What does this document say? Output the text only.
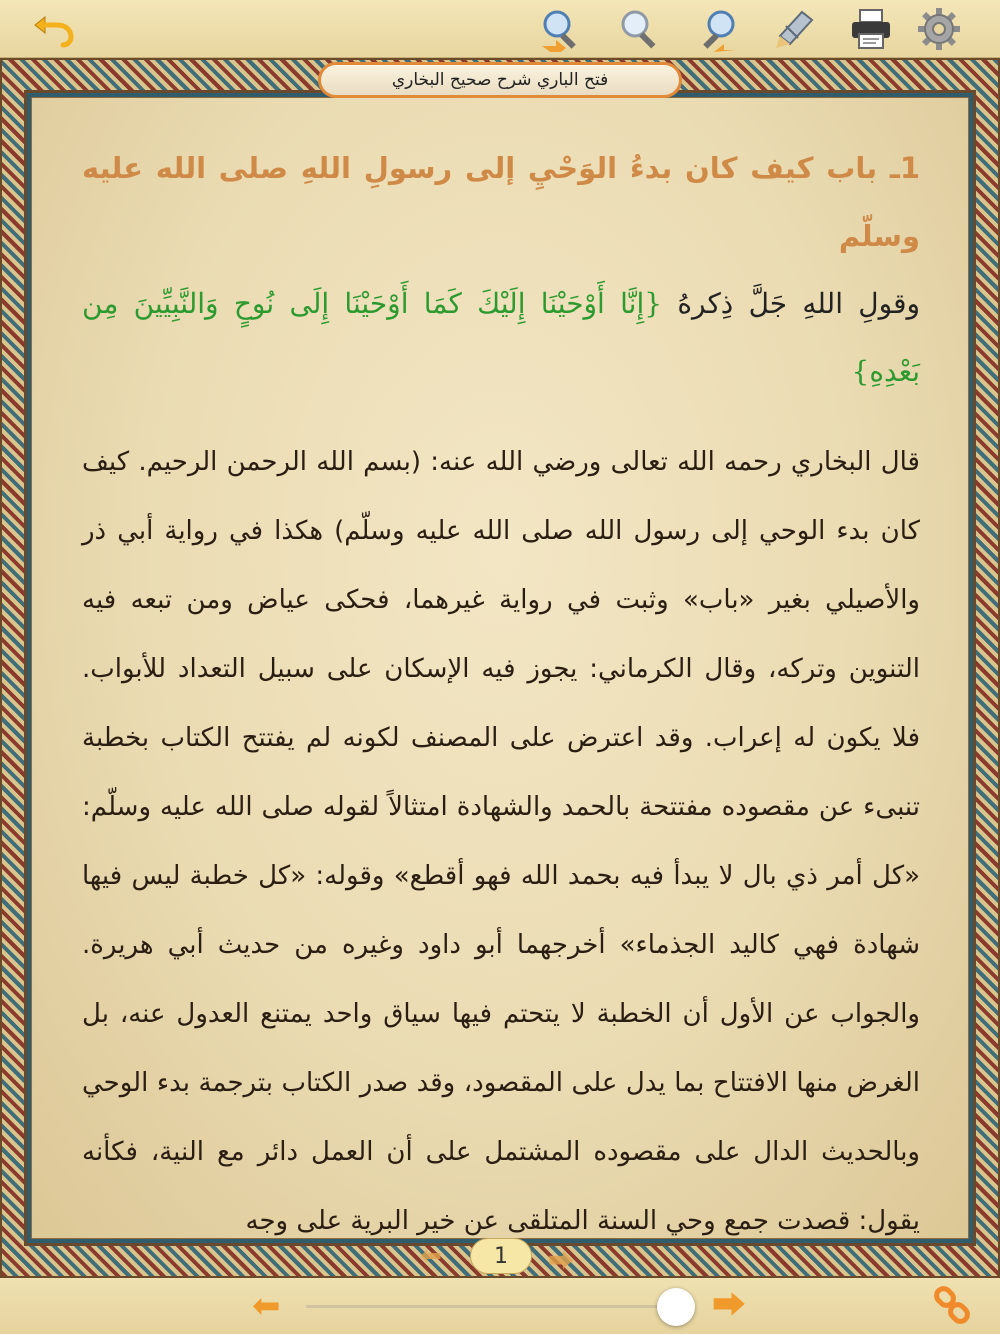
فتح الباري شرح صحيح البخاري
1ـ باب كيف كان بدءُ الوَحْيِ إلى رسولِ اللهِ صلى الله عليه وسلّم
وقولِ اللهِ جَلَّ ذِكرهُ {إِنَّا أَوْحَيْنَا إِلَيْكَ كَمَا أَوْحَيْنَا إِلَى نُوحٍ وَالنَّبِيِّينَ مِن بَعْدِهِ}
قال البخاري رحمه الله تعالى ورضي الله عنه: (بسم الله الرحمن الرحيم. كيف كان بدء الوحي إلى رسول الله صلى الله عليه وسلّم) هكذا في رواية أبي ذر والأصيلي بغير «باب» وثبت في رواية غيرهما، فحكى عياض ومن تبعه فيه التنوين وتركه، وقال الكرماني: يجوز فيه الإسكان على سبيل التعداد للأبواب. فلا يكون له إعراب. وقد اعترض على المصنف لكونه لم يفتتح الكتاب بخطبة تنبىء عن مقصوده مفتتحة بالحمد والشهادة امتثالاً لقوله صلى الله عليه وسلّم: «كل أمر ذي بال لا يبدأ فيه بحمد الله فهو أقطع» وقوله: «كل خطبة ليس فيها شهادة فهي كاليد الجذماء» أخرجهما أبو داود وغيره من حديث أبي هريرة. والجواب عن الأول أن الخطبة لا يتحتم فيها سياق واحد يمتنع العدول عنه، بل الغرض منها الافتتاح بما يدل على المقصود، وقد صدر الكتاب بترجمة بدء الوحي وبالحديث الدال على مقصوده المشتمل على أن العمل دائر مع النية، فكأنه يقول: قصدت جمع وحي السنة المتلقى عن خير البرية على وجه
⬅	1	⮕
⬅	⮕
